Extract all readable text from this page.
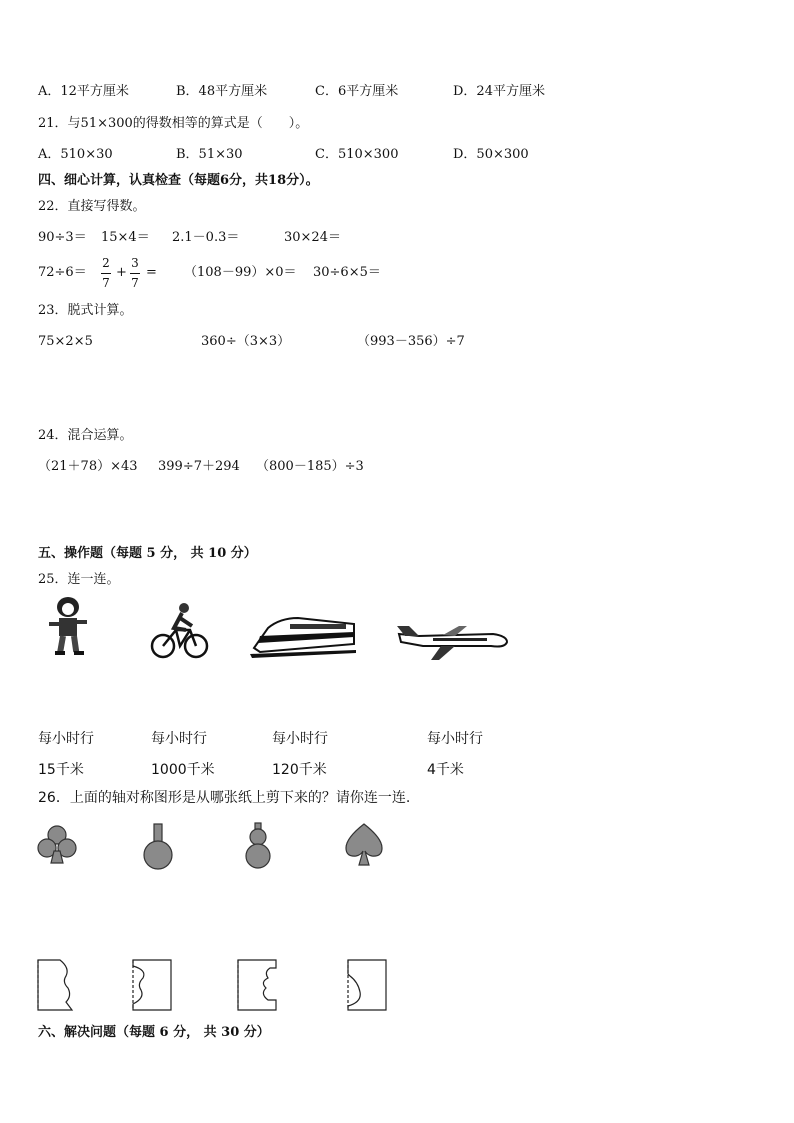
A．12平方厘米	B．48平方厘米	C．6平方厘米	D．24平方厘米
21．与51×300的得数相等的算式是（　　）。
A．510×30	B．51×30	C．510×300	D．50×300
四、细心计算，认真检查（每题6分，共18分）。
22．直接写得数。
90÷3＝ 15×4＝ 2.1－0.3＝	30×24＝
72÷6＝
2
7
+
3
7
= （108－99）×0＝ 30÷6×5＝
23．脱式计算。
75×2×5	360÷（3×3）	（993－356）÷7
24．混合运算。
（21＋78）×43 399÷7＋294 （800－185）÷3
五、操作题（每题 5 分， 共 10 分）
25．连一连。
每小时行	每小时行	每小时行	每小时行
15千米	1000千米	120千米	4千米
26．上面的轴对称图形是从哪张纸上剪下来的？请你连一连.
六、解决问题（每题 6 分， 共 30 分）
